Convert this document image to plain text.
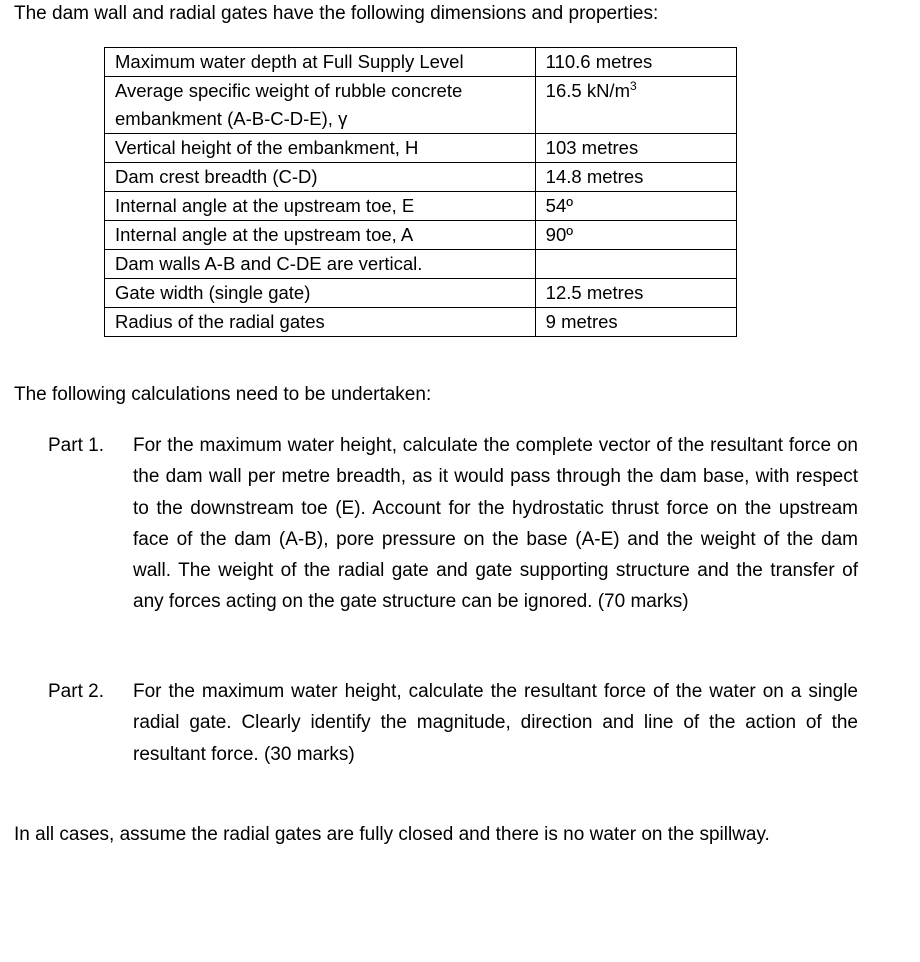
The dam wall and radial gates have the following dimensions and properties:

Maximum water depth at Full Supply Level	110.6 metres
Average specific weight of rubble concrete embankment (A-B-C-D-E), γ	16.5 $kN/m^3$
Vertical height of the embankment, H	103 metres
Dam crest breadth (C-D)	14.8 metres
Internal angle at the upstream toe, E	54º
Internal angle at the upstream toe, A	90º
Dam walls A-B and C-DE are vertical.	
Gate width (single gate)	12.5 metres
Radius of the radial gates	9 metres

The following calculations need to be undertaken:

Part 1.	For the maximum water height, calculate the complete vector of the resultant force on the dam wall per metre breadth, as it would pass through the dam base, with respect to the downstream toe (E). Account for the hydrostatic thrust force on the upstream face of the dam (A-B), pore pressure on the base (A-E) and the weight of the dam wall. The weight of the radial gate and gate supporting structure and the transfer of any forces acting on the gate structure can be ignored. (70 marks)

Part 2.	For the maximum water height, calculate the resultant force of the water on a single radial gate. Clearly identify the magnitude, direction and line of the action of the resultant force. (30 marks)

In all cases, assume the radial gates are fully closed and there is no water on the spillway.
